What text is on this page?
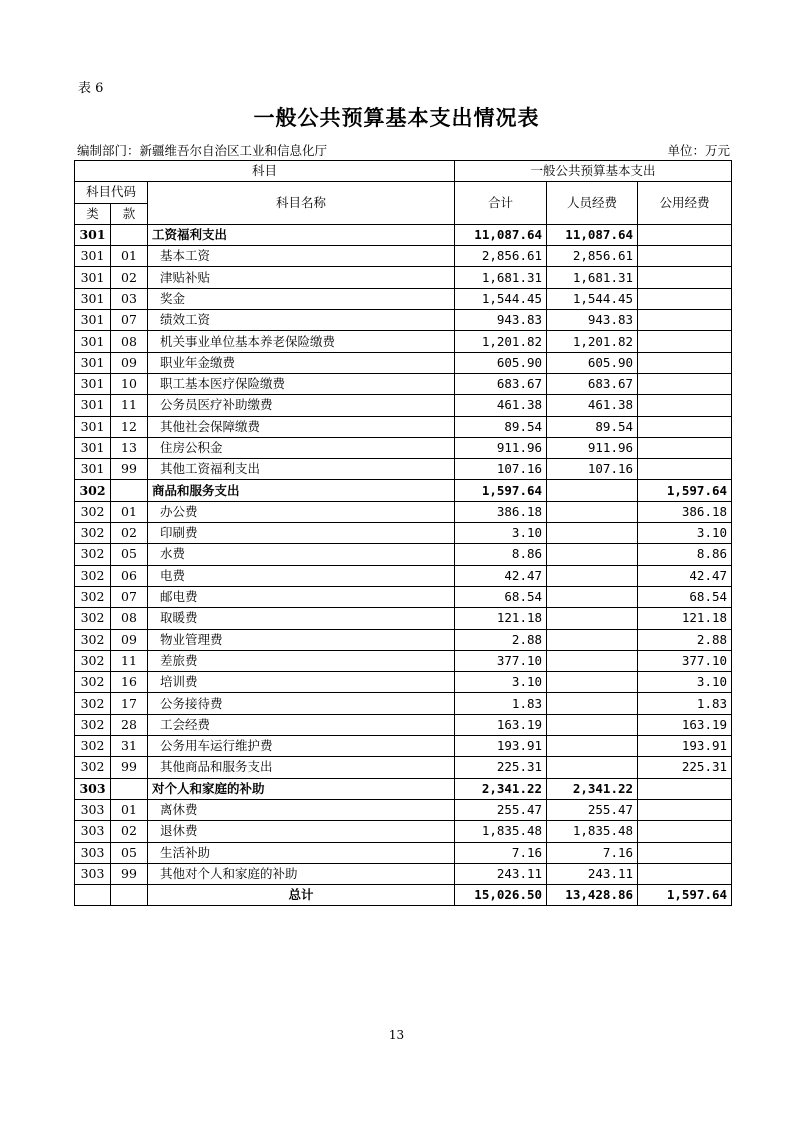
表 6
一般公共预算基本支出情况表
编制部门：新疆维吾尔自治区工业和信息化厅	单位：万元
科目			一般公共预算基本支出		
科目代码		科目名称	合计	人员经费	公用经费
类	款				
301		工资福利支出	11,087.64	11,087.64	
301	01	基本工资	2,856.61	2,856.61	
301	02	津贴补贴	1,681.31	1,681.31	
301	03	奖金	1,544.45	1,544.45	
301	07	绩效工资	943.83	943.83	
301	08	机关事业单位基本养老保险缴费	1,201.82	1,201.82	
301	09	职业年金缴费	605.90	605.90	
301	10	职工基本医疗保险缴费	683.67	683.67	
301	11	公务员医疗补助缴费	461.38	461.38	
301	12	其他社会保障缴费	89.54	89.54	
301	13	住房公积金	911.96	911.96	
301	99	其他工资福利支出	107.16	107.16	
302		商品和服务支出	1,597.64		1,597.64
302	01	办公费	386.18		386.18
302	02	印刷费	3.10		3.10
302	05	水费	8.86		8.86
302	06	电费	42.47		42.47
302	07	邮电费	68.54		68.54
302	08	取暖费	121.18		121.18
302	09	物业管理费	2.88		2.88
302	11	差旅费	377.10		377.10
302	16	培训费	3.10		3.10
302	17	公务接待费	1.83		1.83
302	28	工会经费	163.19		163.19
302	31	公务用车运行维护费	193.91		193.91
302	99	其他商品和服务支出	225.31		225.31
303		对个人和家庭的补助	2,341.22	2,341.22	
303	01	离休费	255.47	255.47	
303	02	退休费	1,835.48	1,835.48	
303	05	生活补助	7.16	7.16	
303	99	其他对个人和家庭的补助	243.11	243.11	
		总计	15,026.50	13,428.86	1,597.64
13
